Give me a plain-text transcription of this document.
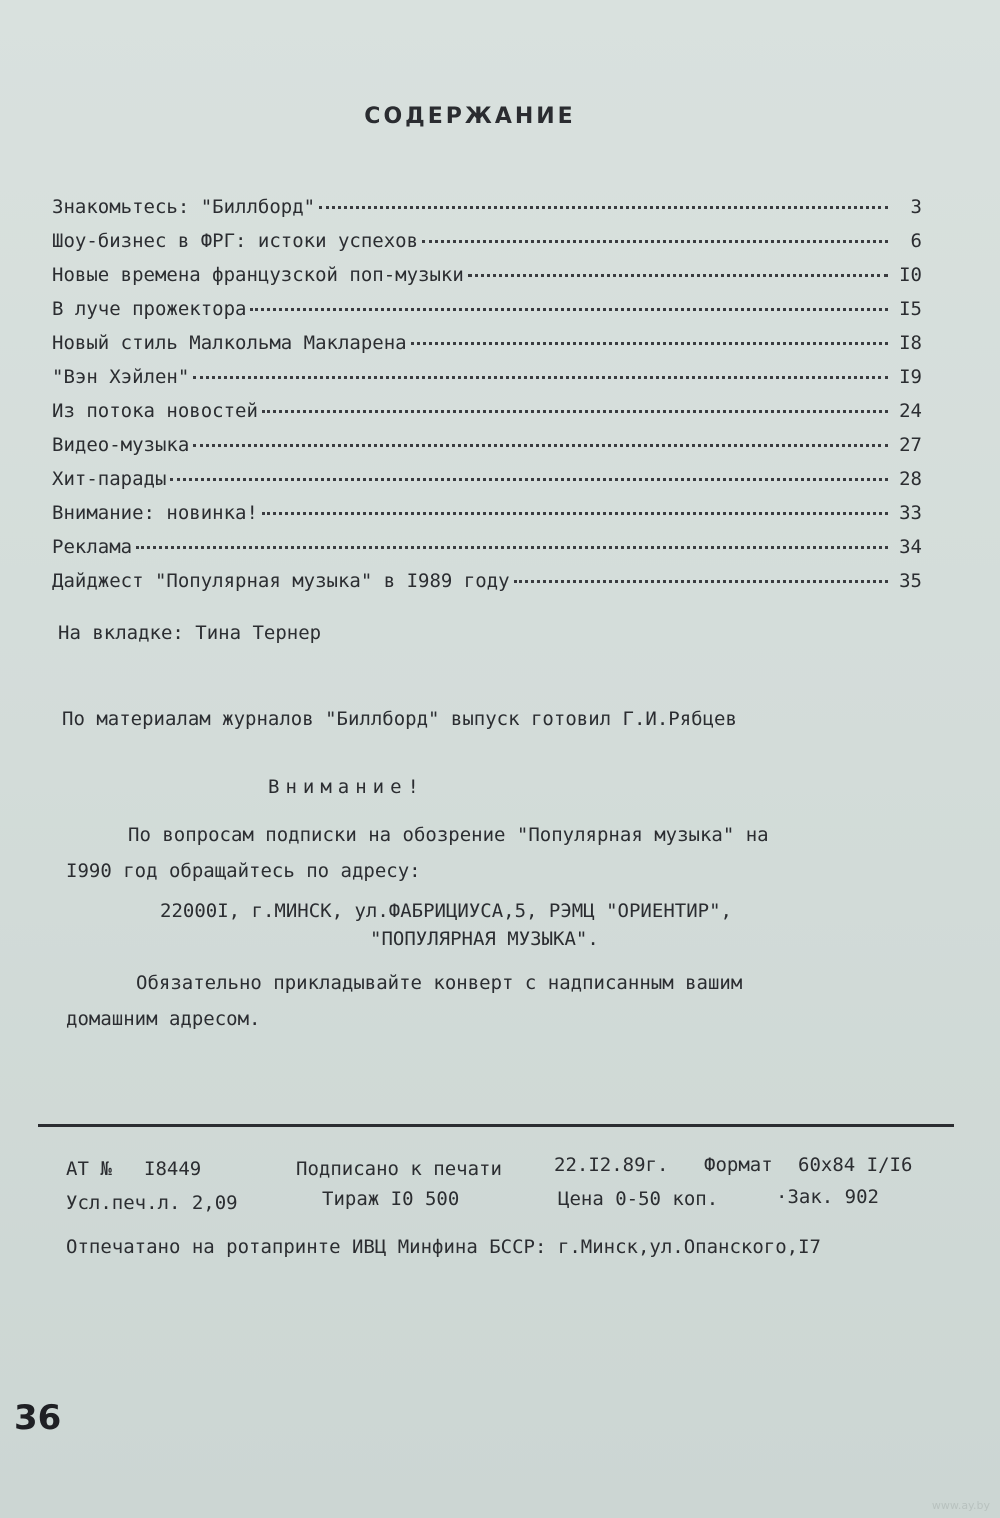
СОДЕРЖАНИЕ
Знакомьтесь: "Биллборд"	3
Шоу-бизнес в ФРГ: истоки успехов	6
Новые времена французской поп-музыки	I0
В луче прожектора	I5
Новый стиль Малкольма Макларена	I8
"Вэн Хэйлен"	I9
Из потока новостей	24
Видео-музыка	27
Хит-парады	28
Внимание: новинка!	33
Реклама	34
Дайджест "Популярная музыка" в I989 году	35
На вкладке: Тина Тернер
По материалам журналов "Биллборд" выпуск готовил Г.И.Рябцев
Внимание!
По вопросам подписки на обозрение "Популярная музыка" на
I990 год обращайтесь по адресу:
22000I, г.МИНСК, ул.ФАБРИЦИУСА,5, РЭМЦ "ОРИЕНТИР",
"ПОПУЛЯРНАЯ МУЗЫКА".
Обязательно прикладывайте конверт с надписанным вашим
домашним адресом.
АТ № I8449	Подписано к печати	22.I2.89г. Формат 60х84 I/I6
Усл.печ.л. 2,09	Тираж I0 500	Цена 0-50 коп.	·Зак. 902
Отпечатано на ротапринте ИВЦ Минфина БССР: г.Минск,ул.Опанского,I7
36
www.ay.by
